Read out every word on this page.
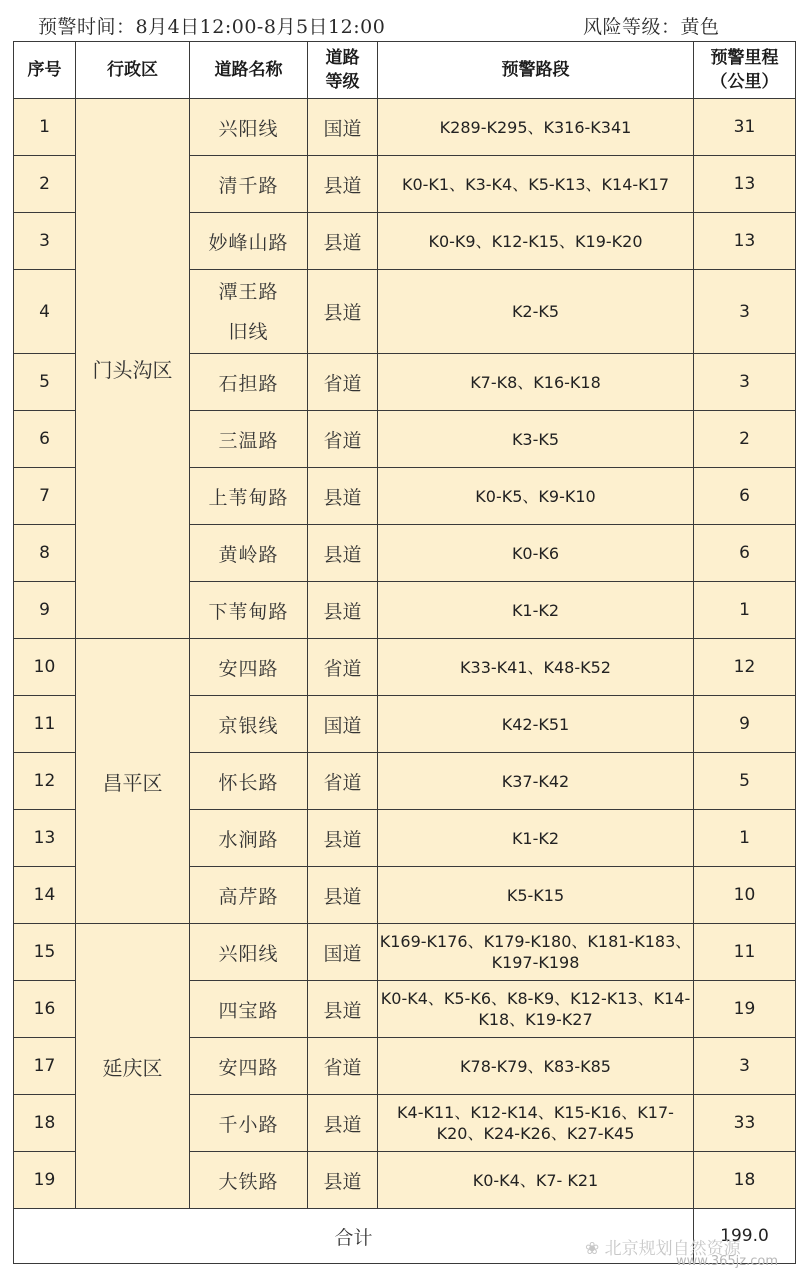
预警时间：8月4日12:00-8月5日12:00	风险等级：黄色
序号	行政区	道路名称	道路等级	预警路段	预警里程（公里）
1	门头沟区	兴阳线	国道	K289-K295、K316-K341	31
2		清千路	县道	K0-K1、K3-K4、K5-K13、K14-K17	13
3		妙峰山路	县道	K0-K9、K12-K15、K19-K20	13
4		潭王路旧线	县道	K2-K5	3
5		石担路	省道	K7-K8、K16-K18	3
6		三温路	省道	K3-K5	2
7		上苇甸路	县道	K0-K5、K9-K10	6
8		黄岭路	县道	K0-K6	6
9		下苇甸路	县道	K1-K2	1
10	昌平区	安四路	省道	K33-K41、K48-K52	12
11		京银线	国道	K42-K51	9
12		怀长路	省道	K37-K42	5
13		水涧路	县道	K1-K2	1
14		高芹路	县道	K5-K15	10
15	延庆区	兴阳线	国道	K169-K176、K179-K180、K181-K183、K197-K198	11
16		四宝路	县道	K0-K4、K5-K6、K8-K9、K12-K13、K14-K18、K19-K27	19
17		安四路	省道	K78-K79、K83-K85	3
18		千小路	县道	K4-K11、K12-K14、K15-K16、K17-K20、K24-K26、K27-K45	33
19		大铁路	县道	K0-K4、K7- K21	18
合计					199.0
❀ 北京规划自然资源
www.365jz.com
